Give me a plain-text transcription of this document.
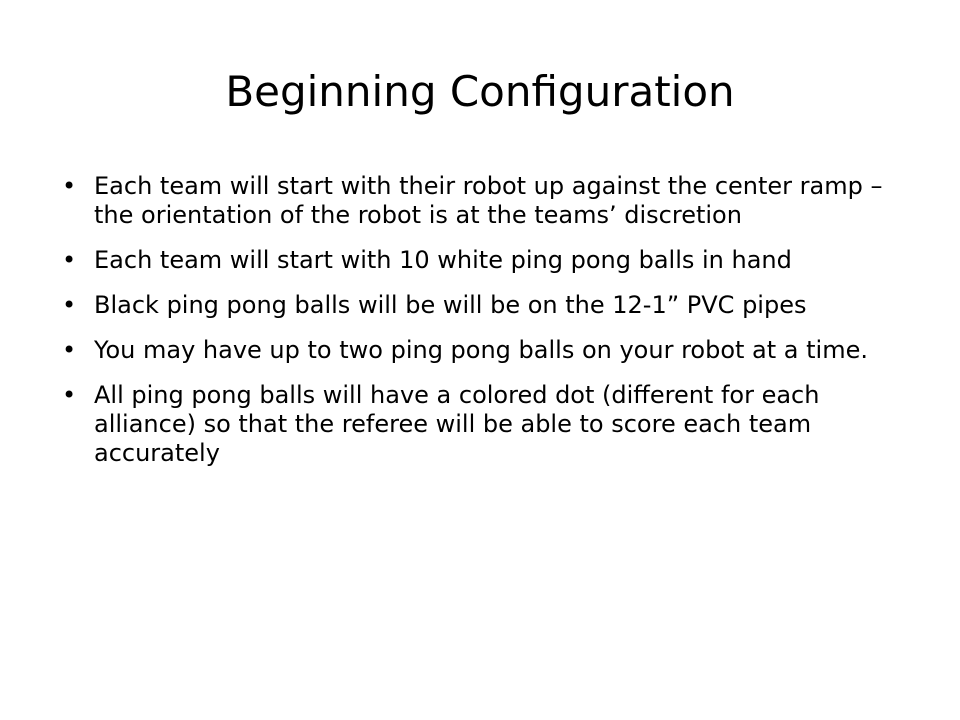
Beginning Configuration
• Each team will start with their robot up against the center ramp – the orientation of the robot is at the teams’ discretion
• Each team will start with 10 white ping pong balls in hand
• Black ping pong balls will be will be on the 12-1” PVC pipes
• You may have up to two ping pong balls on your robot at a time.
• All ping pong balls will have a colored dot (different for each alliance) so that the referee will be able to score each team accurately
